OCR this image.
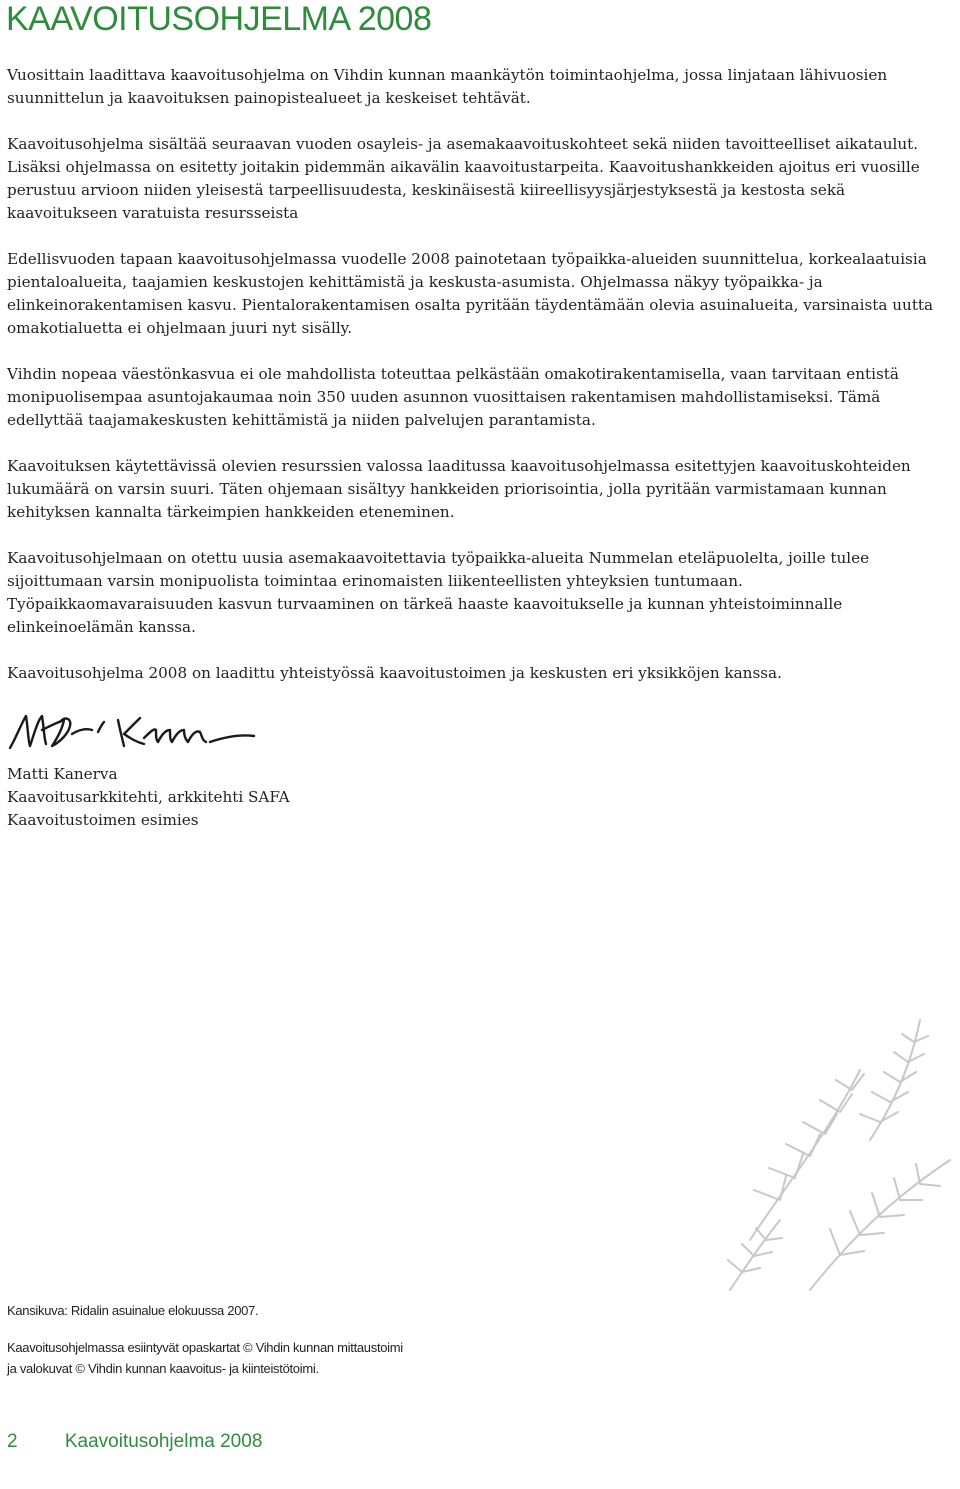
KAAVOITUSOHJELMA 2008

Vuosittain laadittava kaavoitusohjelma on Vihdin kunnan maankäytön toimintaohjelma, jossa linjataan lähivuosien suunnittelun ja kaavoituksen painopistealueet ja keskeiset tehtävät.

Kaavoitusohjelma sisältää seuraavan vuoden osayleis- ja asemakaavoituskohteet sekä niiden tavoitteelliset aikataulut. Lisäksi ohjelmassa on esitetty joitakin pidemmän aikavälin kaavoitustarpeita. Kaavoitushankkeiden ajoitus eri vuosille perustuu arvioon niiden yleisestä tarpeellisuudesta, keskinäisestä kiireellisyysjärjestyksestä ja kestosta sekä kaavoitukseen varatuista resursseista

Edellisvuoden tapaan kaavoitusohjelmassa vuodelle 2008 painotetaan työpaikka-alueiden suunnittelua, korkealaatuisia pientaloalueita, taajamien keskustojen kehittämistä ja keskusta-asumista. Ohjelmassa näkyy työpaikka- ja elinkeinorakentamisen kasvu. Pientalorakentamisen osalta pyritään täydentämään olevia asuinalueita, varsinaista uutta omakotialuetta ei ohjelmaan juuri nyt sisälly.

Vihdin nopeaa väestönkasvua ei ole mahdollista toteuttaa pelkästään omakotirakentamisella, vaan tarvitaan entistä monipuolisempaa asuntojakaumaa noin 350 uuden asunnon vuosittaisen rakentamisen mahdollistamiseksi. Tämä edellyttää taajamakeskusten kehittämistä ja niiden palvelujen parantamista.

Kaavoituksen käytettävissä olevien resurssien valossa laaditussa kaavoitusohjelmassa esitettyjen kaavoituskohteiden lukumäärä on varsin suuri. Täten ohjemaan sisältyy hankkeiden priorisointia, jolla pyritään varmistamaan kunnan kehityksen kannalta tärkeimpien hankkeiden eteneminen.

Kaavoitusohjelmaan on otettu uusia asemakaavoitettavia työpaikka-alueita Nummelan eteläpuolelta, joille tulee sijoittumaan varsin monipuolista toimintaa erinomaisten liikenteellisten yhteyksien tuntumaan. Työpaikkaomavaraisuuden kasvun turvaaminen on tärkeä haaste kaavoitukselle ja kunnan yhteistoiminnalle elinkeinoelämän kanssa.

Kaavoitusohjelma 2008 on laadittu yhteistyössä kaavoitustoimen ja keskusten eri yksikköjen kanssa.

Matti Kanerva
Kaavoitusarkkitehti, arkkitehti SAFA
Kaavoitustoimen esimies
Kansikuva: Ridalin asuinalue elokuussa 2007.
Kaavoitusohjelmassa esiintyvät opaskartat © Vihdin kunnan mittaustoimi
ja valokuvat © Vihdin kunnan kaavoitus- ja kiinteistötoimi.
2 Kaavoitusohjelma 2008
